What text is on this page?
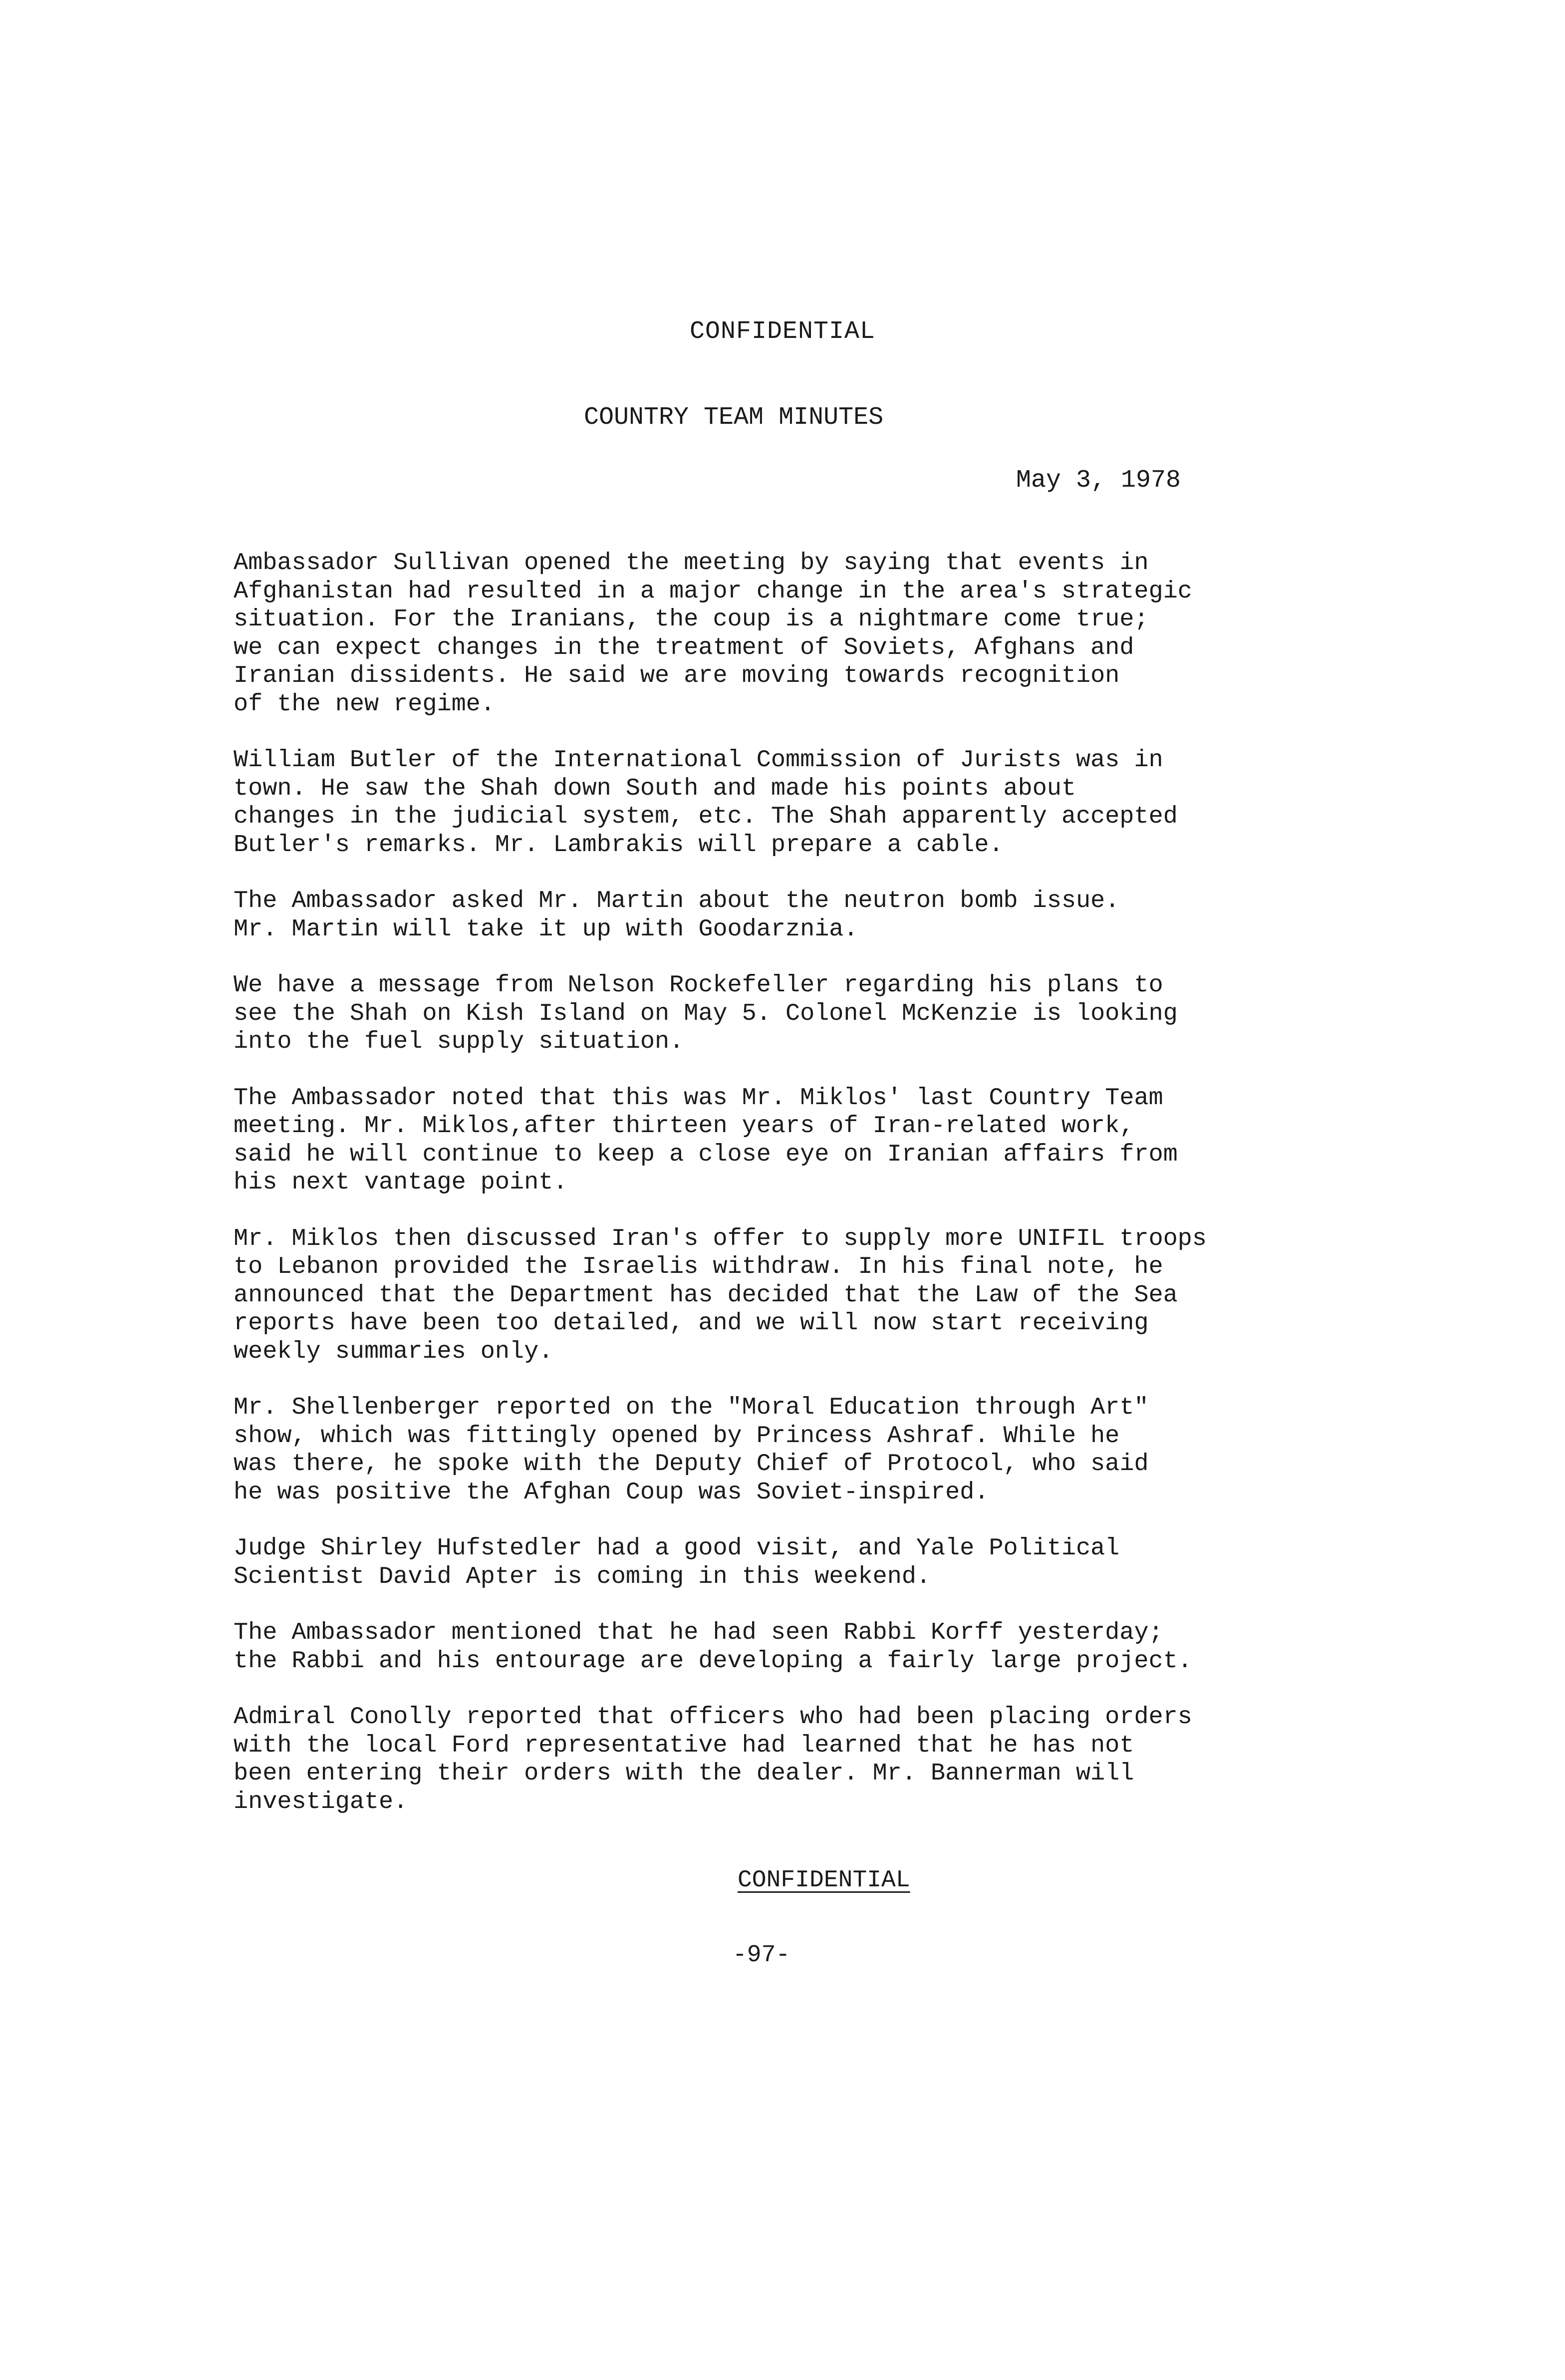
CONFIDENTIAL
COUNTRY TEAM MINUTES
May 3, 1978
Ambassador Sullivan opened the meeting by saying that events in
Afghanistan had resulted in a major change in the area's strategic
situation. For the Iranians, the coup is a nightmare come true;
we can expect changes in the treatment of Soviets, Afghans and
Iranian dissidents. He said we are moving towards recognition
of the new regime.
William Butler of the International Commission of Jurists was in
town. He saw the Shah down South and made his points about
changes in the judicial system, etc. The Shah apparently accepted
Butler's remarks. Mr. Lambrakis will prepare a cable.
The Ambassador asked Mr. Martin about the neutron bomb issue.
Mr. Martin will take it up with Goodarznia.
We have a message from Nelson Rockefeller regarding his plans to
see the Shah on Kish Island on May 5. Colonel McKenzie is looking
into the fuel supply situation.
The Ambassador noted that this was Mr. Miklos' last Country Team
meeting. Mr. Miklos,after thirteen years of Iran-related work,
said he will continue to keep a close eye on Iranian affairs from
his next vantage point.
Mr. Miklos then discussed Iran's offer to supply more UNIFIL troops
to Lebanon provided the Israelis withdraw. In his final note, he
announced that the Department has decided that the Law of the Sea
reports have been too detailed, and we will now start receiving
weekly summaries only.
Mr. Shellenberger reported on the "Moral Education through Art"
show, which was fittingly opened by Princess Ashraf. While he
was there, he spoke with the Deputy Chief of Protocol, who said
he was positive the Afghan Coup was Soviet-inspired.
Judge Shirley Hufstedler had a good visit, and Yale Political
Scientist David Apter is coming in this weekend.
The Ambassador mentioned that he had seen Rabbi Korff yesterday;
the Rabbi and his entourage are developing a fairly large project.
Admiral Conolly reported that officers who had been placing orders
with the local Ford representative had learned that he has not
been entering their orders with the dealer. Mr. Bannerman will
investigate.
CONFIDENTIAL
-97-
